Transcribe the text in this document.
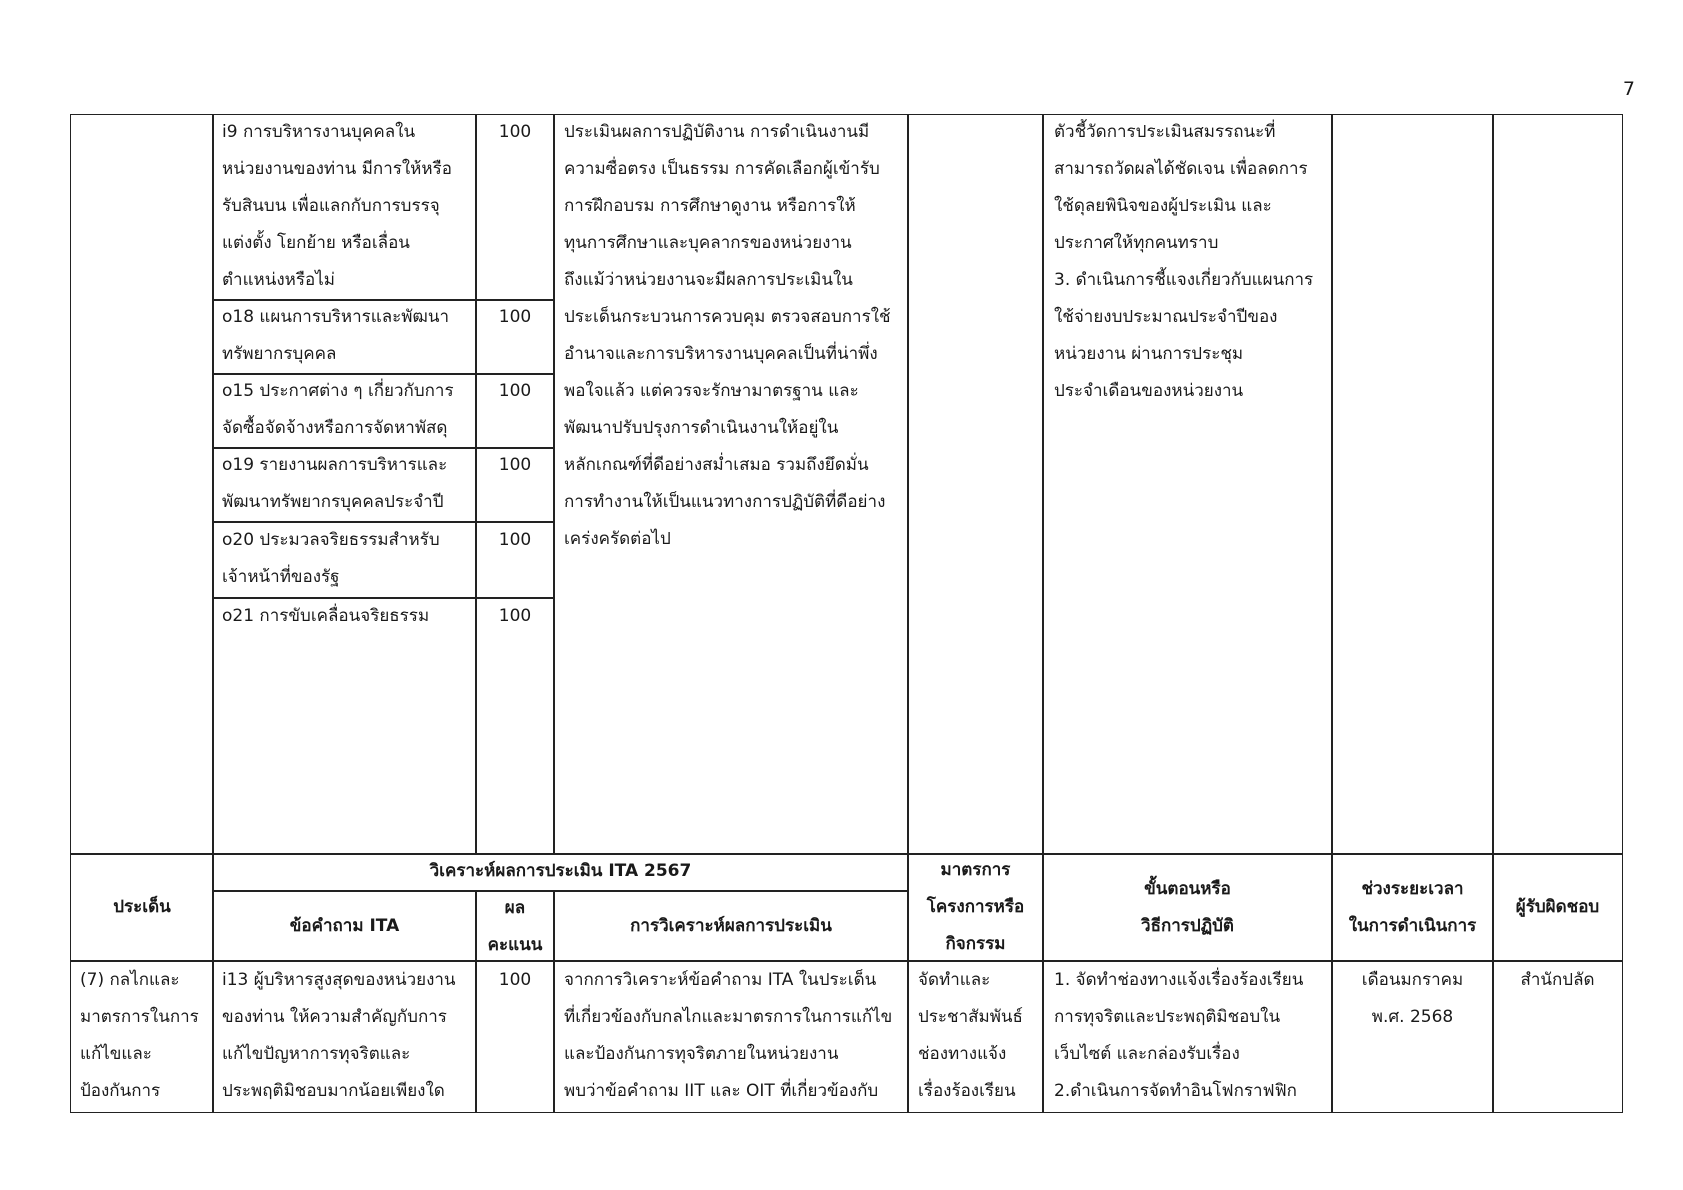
7
i9 การบริหารงานบุคคลใน
หน่วยงานของท่าน มีการให้หรือ
รับสินบน เพื่อแลกกับการบรรจุ
แต่งตั้ง โยกย้าย หรือเลื่อน
ตำแหน่งหรือไม่
100
o18 แผนการบริหารและพัฒนา
ทรัพยากรบุคคล
100
o15 ประกาศต่าง ๆ เกี่ยวกับการ
จัดซื้อจัดจ้างหรือการจัดหาพัสดุ
100
o19 รายงานผลการบริหารและ
พัฒนาทรัพยากรบุคคลประจำปี
100
o20 ประมวลจริยธรรมสำหรับ
เจ้าหน้าที่ของรัฐ
100
o21 การขับเคลื่อนจริยธรรม	100
ประเมินผลการปฏิบัติงาน การดำเนินงานมี
ความซื่อตรง เป็นธรรม การคัดเลือกผู้เข้ารับ
การฝึกอบรม การศึกษาดูงาน หรือการให้
ทุนการศึกษาและบุคลากรของหน่วยงาน
ถึงแม้ว่าหน่วยงานจะมีผลการประเมินใน
ประเด็นกระบวนการควบคุม ตรวจสอบการใช้
อำนาจและการบริหารงานบุคคลเป็นที่น่าพึ่ง
พอใจแล้ว แต่ควรจะรักษามาตรฐาน และ
พัฒนาปรับปรุงการดำเนินงานให้อยู่ใน
หลักเกณฑ์ที่ดีอย่างสม่ำเสมอ รวมถึงยึดมั่น
การทำงานให้เป็นแนวทางการปฏิบัติที่ดีอย่าง
เคร่งครัดต่อไป
ตัวชี้วัดการประเมินสมรรถนะที่
สามารถวัดผลได้ชัดเจน เพื่อลดการ
ใช้ดุลยพินิจของผู้ประเมิน และ
ประกาศให้ทุกคนทราบ
3. ดำเนินการชี้แจงเกี่ยวกับแผนการ
ใช้จ่ายงบประมาณประจำปีของ
หน่วยงาน ผ่านการประชุม
ประจำเดือนของหน่วยงาน
ประเด็น
วิเคราะห์ผลการประเมิน ITA 2567
ข้อคำถาม ITA
ผล
คะแนน
การวิเคราะห์ผลการประเมิน
มาตรการ
โครงการหรือ
กิจกรรม
ขั้นตอนหรือ
วิธีการปฏิบัติ
ช่วงระยะเวลา
ในการดำเนินการ
ผู้รับผิดชอบ
(7) กลไกและ
มาตรการในการ
แก้ไขและ
ป้องกันการ
i13 ผู้บริหารสูงสุดของหน่วยงาน
ของท่าน ให้ความสำคัญกับการ
แก้ไขปัญหาการทุจริตและ
ประพฤติมิชอบมากน้อยเพียงใด
100	จากการวิเคราะห์ข้อคำถาม ITA ในประเด็น
ที่เกี่ยวข้องกับกลไกและมาตรการในการแก้ไข
และป้องกันการทุจริตภายในหน่วยงาน
พบว่าข้อคำถาม IIT และ OIT ที่เกี่ยวข้องกับ
จัดทำและ
ประชาสัมพันธ์
ช่องทางแจ้ง
เรื่องร้องเรียน
1. จัดทำช่องทางแจ้งเรื่องร้องเรียน
การทุจริตและประพฤติมิชอบใน
เว็บไซต์ และกล่องรับเรื่อง
2.ดำเนินการจัดทำอินโฟกราฟฟิก
เดือนมกราคม
พ.ศ. 2568
สำนักปลัด
